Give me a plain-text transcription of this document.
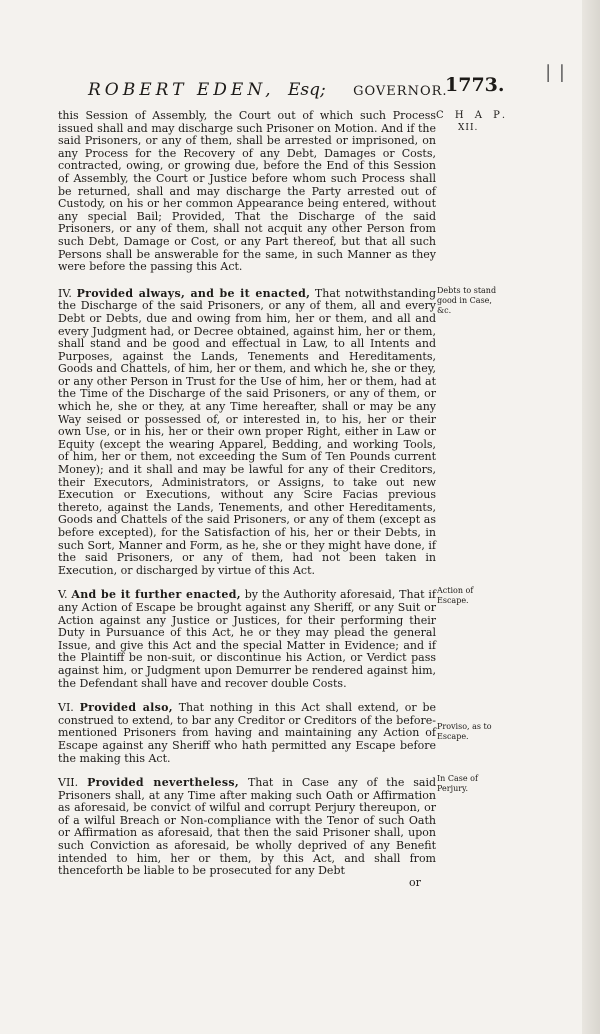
| |
ROBERT EDEN, Esq; GOVERNOR.
1773.
C H A P.
XII.

this Session of Assembly, the Court out of which such Process issued shall and may discharge such Prisoner on Motion. And if the said Prisoners, or any of them, shall be arrested or imprisoned, on any Process for the Recovery of any Debt, Damages or Costs, contracted, owing, or growing due, before the End of this Session of Assembly, the Court or Justice before whom such Process shall be returned, shall and may discharge the Party arrested out of Custody, on his or her common Appearance being entered, without any special Bail; Provided, That the Discharge of the said Prisoners, or any of them, shall not acquit any other Person from such Debt, Damage or Cost, or any Part thereof, but that all such Persons shall be answerable for the same, in such Manner as they were before the passing this Act.

IV. Provided always, and be it enacted, That notwithstanding the Discharge of the said Prisoners, or any of them, all and every Debt or Debts, due and owing from him, her or them, and all and every Judgment had, or Decree obtained, against him, her or them, shall stand and be good and effectual in Law, to all Intents and Purposes, against the Lands, Tenements and Hereditaments, Goods and Chattels, of him, her or them, and which he, she or they, or any other Person in Trust for the Use of him, her or them, had at the Time of the Discharge of the said Prisoners, or any of them, or which he, she or they, at any Time hereafter, shall or may be any Way seised or possessed of, or interested in, to his, her or their own Use, or in his, her or their own proper Right, either in Law or Equity (except the wearing Apparel, Bedding, and working Tools, of him, her or them, not exceeding the Sum of Ten Pounds current Money); and it shall and may be lawful for any of their Creditors, their Executors, Administrators, or Assigns, to take out new Execution or Executions, without any Scire Facias previous thereto, against the Lands, Tenements, and other Hereditaments, Goods and Chattels of the said Prisoners, or any of them (except as before excepted), for the Satisfaction of his, her or their Debts, in such Sort, Manner and Form, as he, she or they might have done, if the said Prisoners, or any of them, had not been taken in Execution, or discharged by virtue of this Act.

V. And be it further enacted, by the Authority aforesaid, That if any Action of Escape be brought against any Sheriff, or any Suit or Action against any Justice or Justices, for their performing their Duty in Pursuance of this Act, he or they may plead the general Issue, and give this Act and the special Matter in Evidence; and if the Plaintiff be non-suit, or discontinue his Action, or Verdict pass against him, or Judgment upon Demurrer be rendered against him, the Defendant shall have and recover double Costs.

VI. Provided also, That nothing in this Act shall extend, or be construed to extend, to bar any Creditor or Creditors of the before-mentioned Prisoners from having and maintaining any Action of Escape against any Sheriff who hath permitted any Escape before the making this Act.

VII. Provided nevertheless, That in Case any of the said Prisoners shall, at any Time after making such Oath or Affirmation as aforesaid, be convict of wilful and corrupt Perjury thereupon, or of a wilful Breach or Non-compliance with the Tenor of such Oath or Affirmation as aforesaid, that then the said Prisoner shall, upon such Conviction as aforesaid, be wholly deprived of any Benefit intended to him, her or them, by this Act, and shall from thenceforth be liable to be prosecuted for any Debt

Debts to stand good in Case, &c.
Action of Escape.
Proviso, as to Escape.
In Case of Perjury.
or
